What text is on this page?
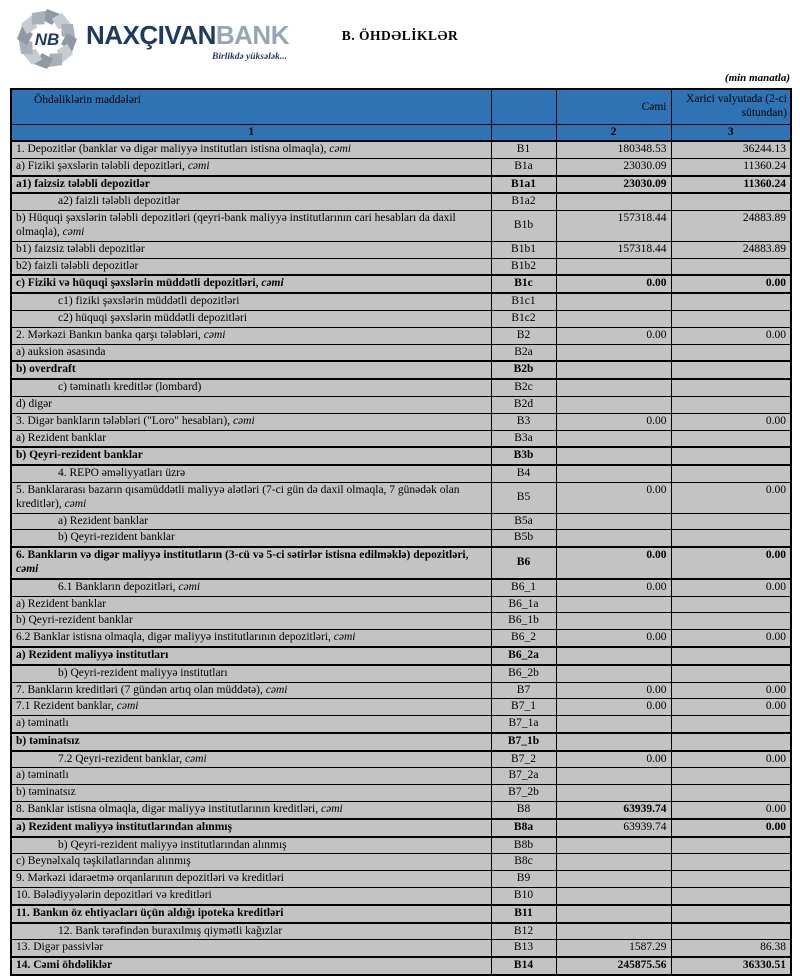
NB NAXÇIVANBANK
Birlikdə yüksələk...
B. ÖHDƏLİKLƏR
(min manatla)
Öhdəliklərin maddələri		Cəmi	Xarici valyutada (2-ci sütundan)
1		2	3
1. Depozitlər (banklar və digər maliyyə institutları istisna olmaqla), cəmi	B1	180348.53	36244.13
a) Fiziki şəxslərin tələbli depozitləri, cəmi	B1a	23030.09	11360.24
a1) faizsiz tələbli depozitlər	B1a1	23030.09	11360.24
a2) faizli tələbli depozitlər	B1a2		
b) Hüquqi şəxslərin tələbli depozitləri (qeyri-bank maliyyə institutlarının cari hesabları da daxil olmaqla), cəmi	B1b	157318.44	24883.89
b1) faizsiz tələbli depozitlər	B1b1	157318.44	24883.89
b2) faizli tələbli depozitlər	B1b2		
c) Fiziki və hüquqi şəxslərin müddətli depozitləri, cəmi	B1c	0.00	0.00
c1) fiziki şəxslərin müddətli depozitləri	B1c1		
c2) hüquqi şəxslərin müddətli depozitləri	B1c2		
2. Mərkəzi Bankın banka qarşı tələbləri, cəmi	B2	0.00	0.00
a) auksion əsasında	B2a		
b) overdraft	B2b		
c) təminatlı kreditlər (lombard)	B2c		
d) digər	B2d		
3. Digər bankların tələbləri ("Loro" hesabları), cəmi	B3	0.00	0.00
a) Rezident banklar	B3a		
b) Qeyri-rezident banklar	B3b		
4. REPO əməliyyatları üzrə	B4		
5. Banklararası bazarın qısamüddətli maliyyə alətləri (7-ci gün də daxil olmaqla, 7 günədək olan kreditlər), cəmi	B5	0.00	0.00
a) Rezident banklar	B5a		
b) Qeyri-rezident banklar	B5b		
6. Bankların və digər maliyyə institutların (3-cü və 5-ci sətirlər istisna edilməklə) depozitləri, cəmi	B6	0.00	0.00
6.1 Bankların depozitləri, cəmi	B6_1	0.00	0.00
a) Rezident banklar	B6_1a		
b) Qeyri-rezident banklar	B6_1b		
6.2 Banklar istisna olmaqla, digər maliyyə institutlarının depozitləri, cəmi	B6_2	0.00	0.00
a) Rezident maliyyə institutları	B6_2a		
b) Qeyri-rezident maliyyə institutları	B6_2b		
7. Bankların kreditləri (7 gündən artıq olan müddətə), cəmi	B7	0.00	0.00
7.1 Rezident banklar, cəmi	B7_1	0.00	0.00
a) təminatlı	B7_1a		
b) təminatsız	B7_1b		
7.2 Qeyri-rezident banklar, cəmi	B7_2	0.00	0.00
a) təminatlı	B7_2a		
b) təminatsız	B7_2b		
8. Banklar istisna olmaqla, digər maliyyə institutlarının kreditləri, cəmi	B8	63939.74	0.00
a) Rezident maliyyə institutlarından alınmış	B8a	63939.74	0.00
b) Qeyri-rezident maliyyə institutlarından alınmış	B8b		
c) Beynəlxalq təşkilatlarından alınmış	B8c		
9. Mərkəzi idarəetmə orqanlarının depozitləri və kreditləri	B9		
10. Bələdiyyələrin depozitləri və kreditləri	B10		
11. Bankın öz ehtiyacları üçün aldığı ipoteka kreditləri	B11		
12. Bank tərəfindən buraxılmış qiymətli kağızlar	B12		
13. Digər passivlər	B13	1587.29	86.38
14. Cəmi öhdəliklər	B14	245875.56	36330.51
